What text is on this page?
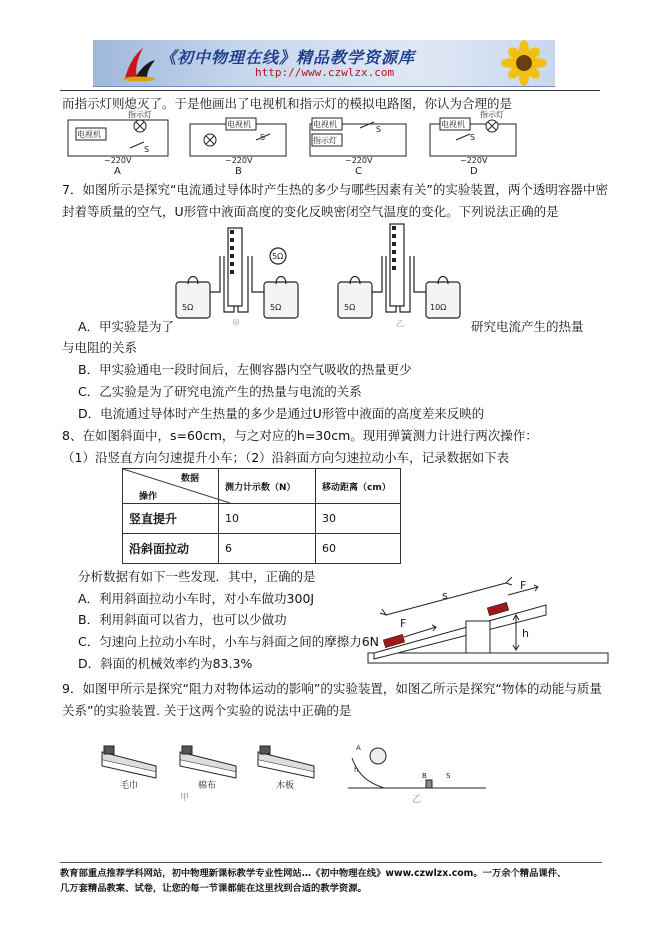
《初中物理在线》精品教学资源库
http://www.czwlzx.com
而指示灯则熄灭了。于是他画出了电视机和指示灯的模拟电路图，你认为合理的是
电视机
指示灯
S
~220V
A
电视机
S
~220V
B
电视机
指示灯
S
~220V
C
电视机
指示灯
S
~220V
D
7．如图所示是探究“电流通过导体时产生热的多少与哪些因素有关”的实验装置，两个透明容器中密
封着等质量的空气，U形管中液面高度的变化反映密闭空气温度的变化。下列说法正确的是
5Ω	5Ω
5Ω
5Ω	10Ω
甲	乙
A．甲实验是为了	研究电流产生的热量
与电阻的关系
B．甲实验通电一段时间后，左侧容器内空气吸收的热量更少
C．乙实验是为了研究电流产生的热量与电流的关系
D．电流通过导体时产生热量的多少是通过U形管中液面的高度差来反映的
8、在如图斜面中，s=60cm，与之对应的h=30cm。现用弹簧测力计进行两次操作：
（1）沿竖直方向匀速提升小车；（2）沿斜面方向匀速拉动小车，记录数据如下表
数据
操作	测力计示数（N）	移动距离（cm）
竖直提升	10	30
沿斜面拉动	6	60
分析数据有如下一些发现．其中，正确的是
A．利用斜面拉动小车时，对小车做功300J
B．利用斜面可以省力，也可以少做功
C．匀速向上拉动小车时，小车与斜面之间的摩擦力6N
D．斜面的机械效率约为83.3%
s
h
F
F
9．如图甲所示是探究“阻力对物体运动的影响”的实验装置，如图乙所示是探究“物体的动能与质量
关系”的实验装置. 关于这两个实验的说法中正确的是
毛巾	棉布	木板
甲	乙
A
B
h
S
教育部重点推荐学科网站，初中物理新课标教学专业性网站…《初中物理在线》www.czwlzx.com。一万余个精品课件、
几万套精品教案、试卷，让您的每一节课都能在这里找到合适的教学资源。
